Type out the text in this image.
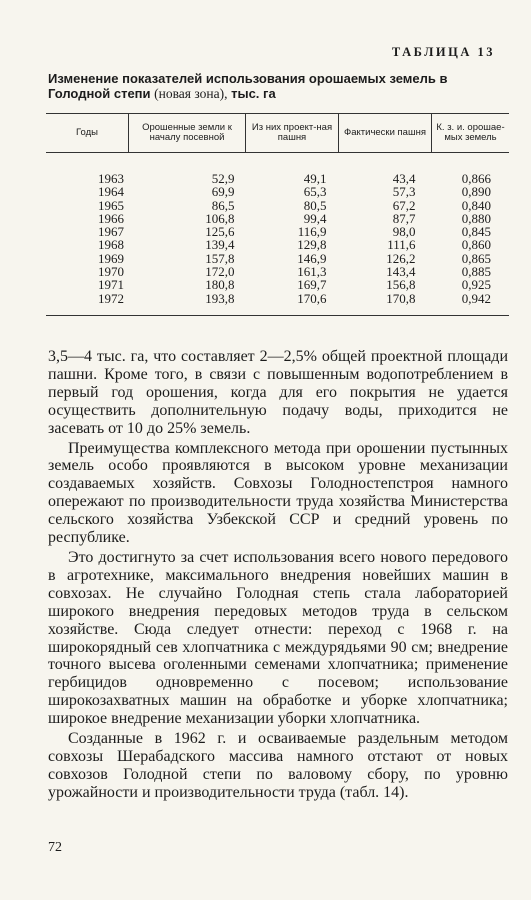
ТАБЛИЦА 13
Изменение показателей использования орошаемых земель в Голодной степи (новая зона), тыс. га
Годы	Орошенные земли к началу посевной	Из них проект-ная пашня	Фактически пашня	К. з. и. орошае-мых земель
1963	52,9	49,1	43,4	0,866
1964	69,9	65,3	57,3	0,890
1965	86,5	80,5	67,2	0,840
1966	106,8	99,4	87,7	0,880
1967	125,6	116,9	98,0	0,845
1968	139,4	129,8	111,6	0,860
1969	157,8	146,9	126,2	0,865
1970	172,0	161,3	143,4	0,885
1971	180,8	169,7	156,8	0,925
1972	193,8	170,6	170,8	0,942

3,5—4 тыс. га, что составляет 2—2,5% общей проектной площади пашни. Кроме того, в связи с повышенным водопотреблением в первый год орошения, когда для его покрытия не удается осуществить дополнительную подачу воды, приходится не засевать от 10 до 25% земель.

Преимущества комплексного метода при орошении пустынных земель особо проявляются в высоком уровне механизации создаваемых хозяйств. Совхозы Голодностепстроя намного опережают по производительности труда хозяйства Министерства сельского хозяйства Узбекской ССР и средний уровень по республике.

Это достигнуто за счет использования всего нового передового в агротехнике, максимального внедрения новейших машин в совхозах. Не случайно Голодная степь стала лабораторией широкого внедрения передовых методов труда в сельском хозяйстве. Сюда следует отнести: переход с 1968 г. на широкорядный сев хлопчатника с междурядьями 90 см; внедрение точного высева оголенными семенами хлопчатника; применение гербицидов одновременно с посевом; использование широкозахватных машин на обработке и уборке хлопчатника; широкое внедрение механизации уборки хлопчатника.

Созданные в 1962 г. и осваиваемые раздельным методом совхозы Шерабадского массива намного отстают от новых совхозов Голодной степи по валовому сбору, по уровню урожайности и производительности труда (табл. 14).

72
